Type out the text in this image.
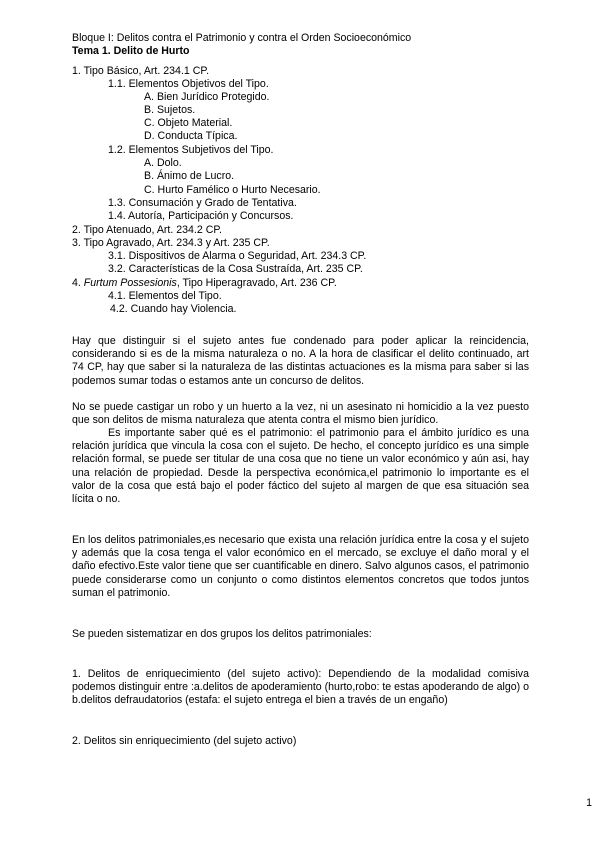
Bloque I: Delitos contra el Patrimonio y contra el Orden Socioeconómico
Tema 1. Delito de Hurto
1. Tipo Básico, Art. 234.1 CP.
1.1. Elementos Objetivos del Tipo.
A. Bien Jurídico Protegido.
B. Sujetos.
C. Objeto Material.
D. Conducta Típica.
1.2. Elementos Subjetivos del Tipo.
A. Dolo.
B. Ánimo de Lucro.
C. Hurto Famélico o Hurto Necesario.
1.3. Consumación y Grado de Tentativa.
1.4. Autoría, Participación y Concursos.
2. Tipo Atenuado, Art. 234.2 CP.
3. Tipo Agravado, Art. 234.3 y Art. 235 CP.
3.1. Dispositivos de Alarma o Seguridad, Art. 234.3 CP.
3.2. Características de la Cosa Sustraída, Art. 235 CP.
4. Furtum Possesionis, Tipo Hiperagravado, Art. 236 CP.
4.1. Elementos del Tipo.
4.2. Cuando hay Violencia.
Hay que distinguir si el sujeto antes fue condenado para poder aplicar la reincidencia, considerando si es de la misma naturaleza o no. A la hora de clasificar el delito continuado, art 74 CP, hay que saber si la naturaleza de las distintas actuaciones es la misma para saber si las podemos sumar todas o estamos ante un concurso de delitos.
No se puede castigar un robo y un huerto a la vez, ni un asesinato ni homicidio a la vez puesto que son delitos de misma naturaleza que atenta contra el mismo bien jurídico.
Es importante saber qué es el patrimonio: el patrimonio para el ámbito jurídico es una relación jurídica que vincula la cosa con el sujeto. De hecho, el concepto jurídico es una simple relación formal, se puede ser titular de una cosa que no tiene un valor económico y aún asi, hay una relación de propiedad. Desde la perspectiva económica,el patrimonio lo importante es el valor de la cosa que está bajo el poder fáctico del sujeto al margen de que esa situación sea lícita o no.
En los delitos patrimoniales,es necesario que exista una relación jurídica entre la cosa y el sujeto y además que la cosa tenga el valor económico en el mercado, se excluye el daño moral y el daño efectivo.Este valor tiene que ser cuantificable en dinero. Salvo algunos casos, el patrimonio puede considerarse como un conjunto o como distintos elementos concretos que todos juntos suman el patrimonio.
Se pueden sistematizar en dos grupos los delitos patrimoniales:
1. Delitos de enriquecimiento (del sujeto activo): Dependiendo de la modalidad comisiva podemos distinguir entre :a.delitos de apoderamiento (hurto,robo: te estas apoderando de algo) o b.delitos defraudatorios (estafa: el sujeto entrega el bien a través de un engaño)
2. Delitos sin enriquecimiento (del sujeto activo)
1
